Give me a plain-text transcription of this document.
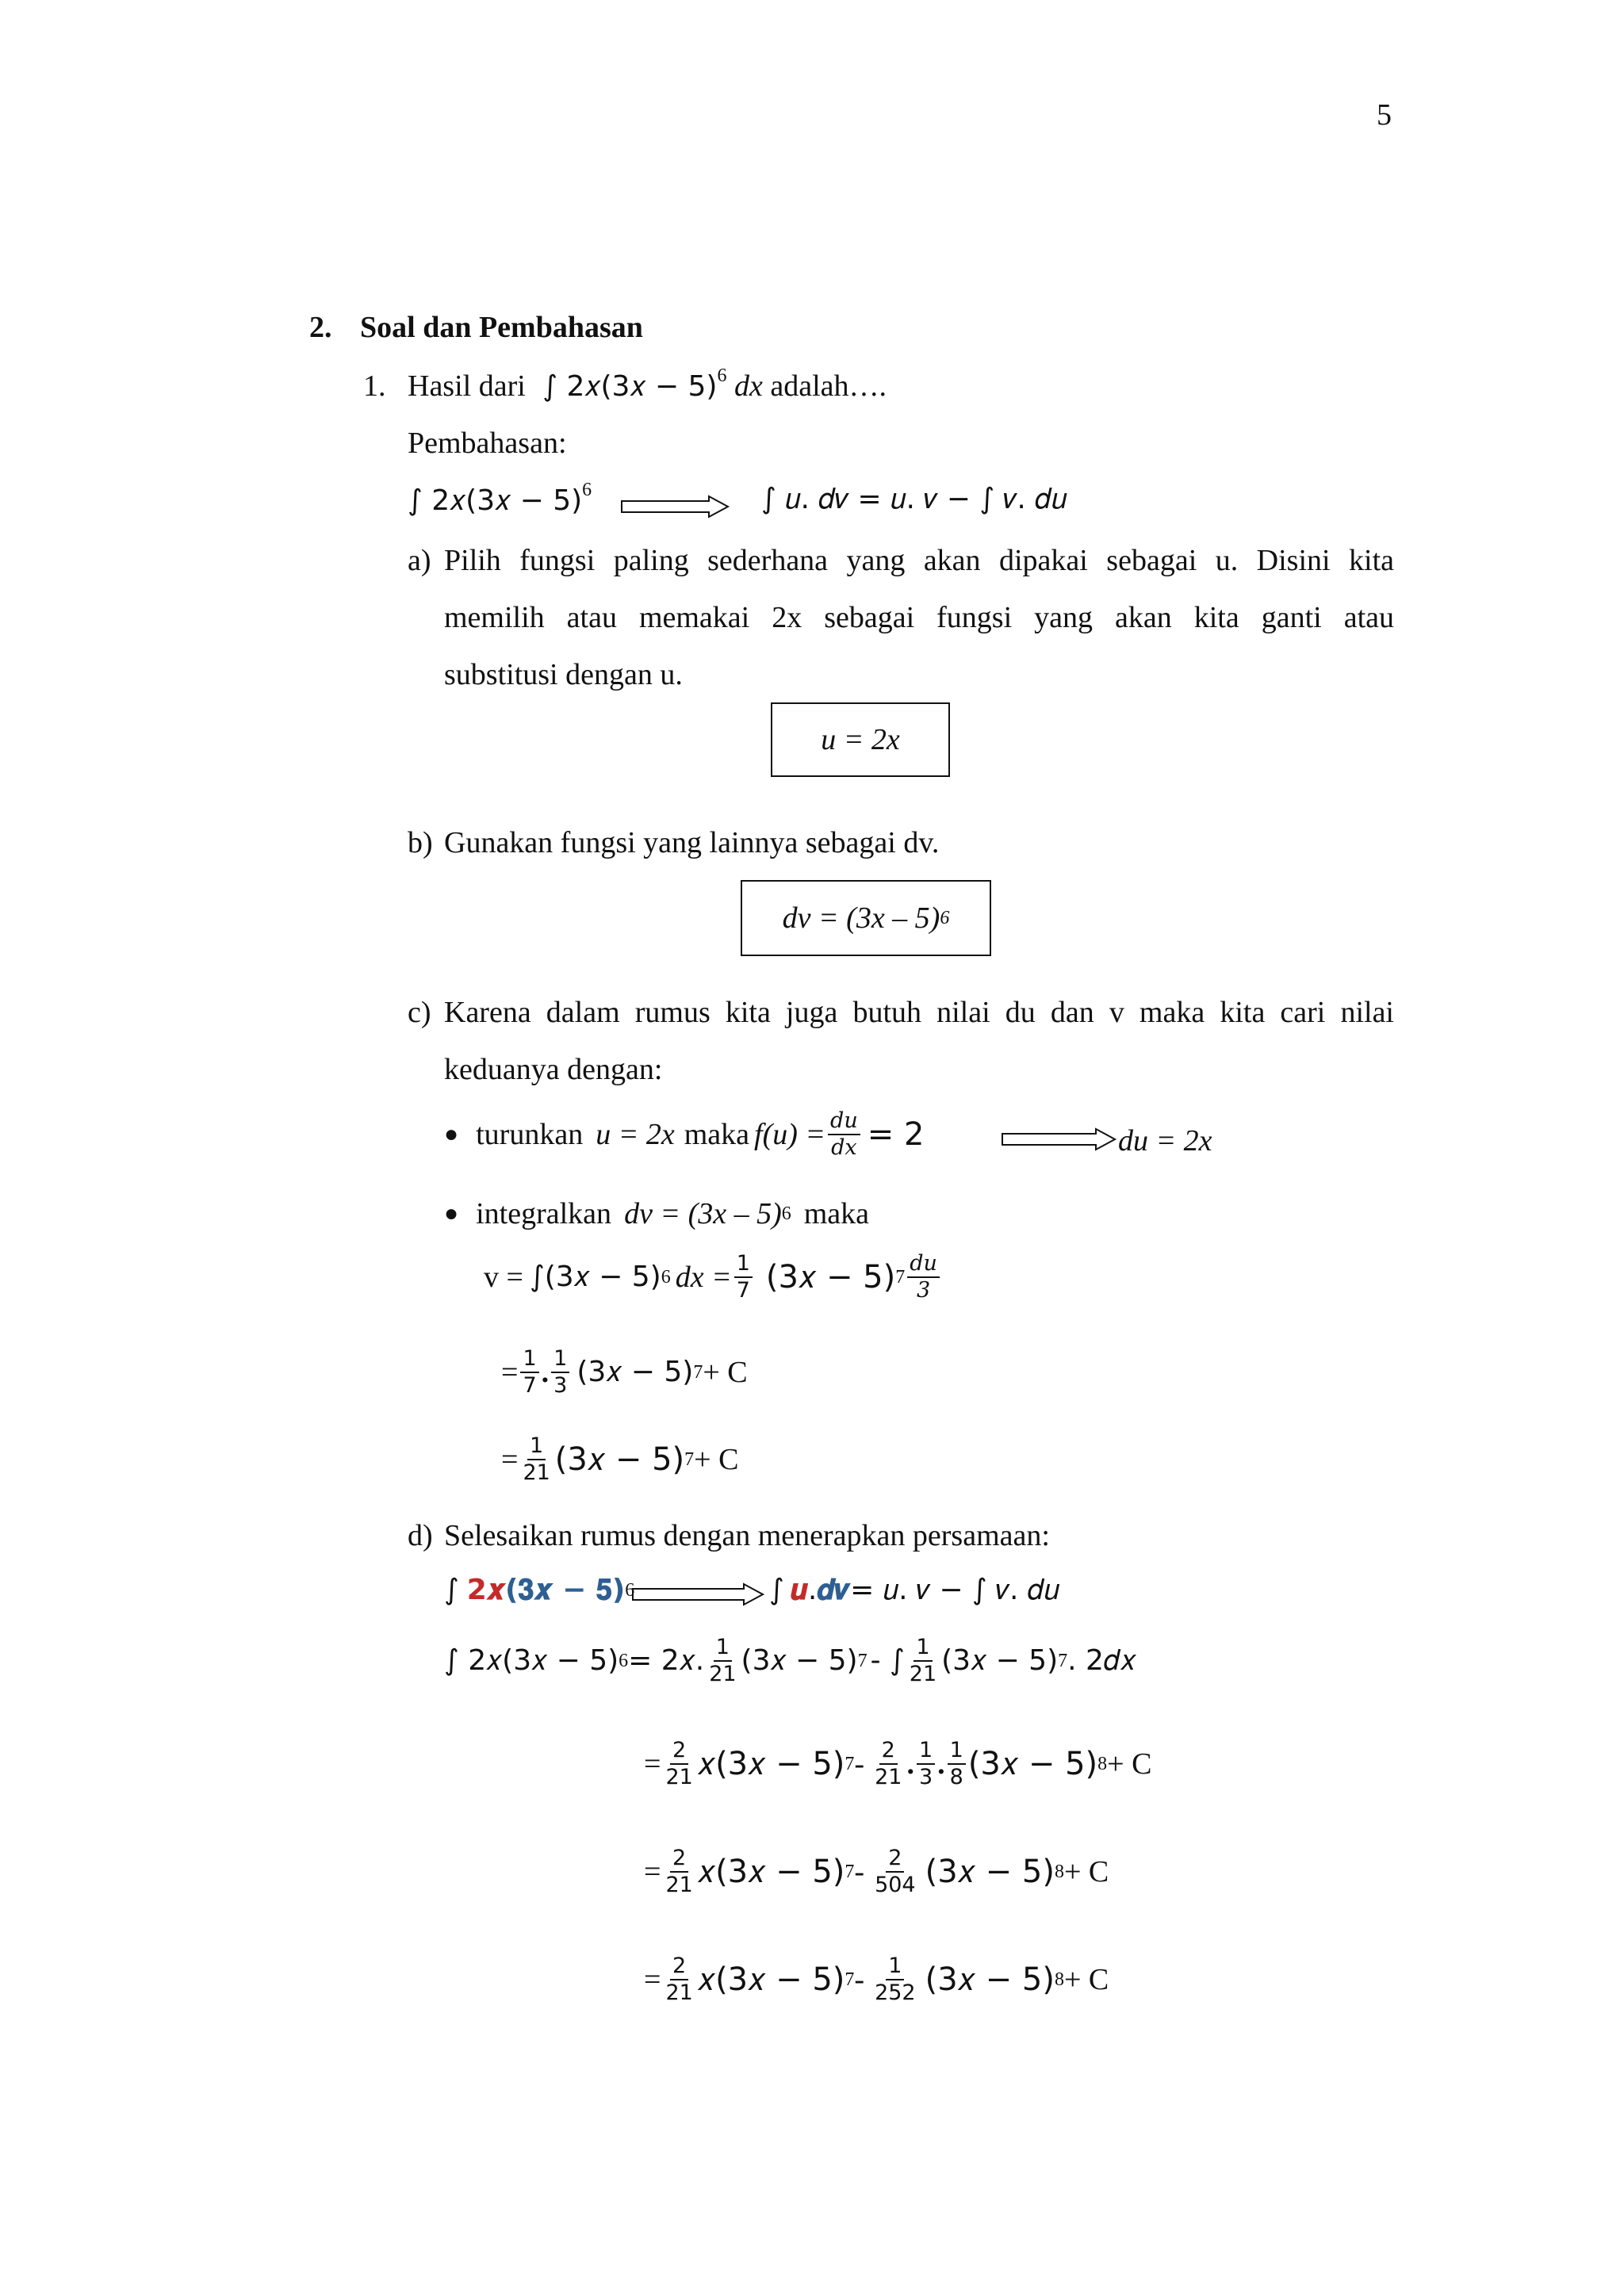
5
2. Soal dan Pembahasan
1. Hasil dari ∫ 2𝑥(3𝑥 − 5)$^6$ dx adalah….
Pembahasan:
∫ 2𝑥(3𝑥 − 5)$^6$	∫ 𝑢. 𝑑𝑣 = 𝑢. 𝑣 − ∫ 𝑣. 𝑑𝑢
a) Pilih fungsi paling sederhana yang akan dipakai sebagai u. Disini kita
memilih atau memakai 2x sebagai fungsi yang akan kita ganti atau
substitusi dengan u.
u = 2x
b) Gunakan fungsi yang lainnya sebagai dv.
dv = (3x – 5) 6
c) Karena dalam rumus kita juga butuh nilai du dan v maka kita cari nilai
keduanya dengan:
● turunkan u = 2x maka $f(u) = \frac{\text{𝑑𝑢}}{\text{𝑑𝑥}} = 2$	du = 2x
● integralkan dv = (3x – 5) 6 maka
v = ∫(3𝑥 − 5) 6 dx = $\frac{1}{7}$ (3𝑥 − 5) $7 \frac{\text{𝑑𝑢}}{3}$
= $\frac{1}{7}$ . $\frac{1}{3}$ (3𝑥 − 5) 7 + C
= $\frac{1}{21}$ (3𝑥 − 5) 7 + C
d) Selesaikan rumus dengan menerapkan persamaan:
∫ 2𝒙 (𝟑𝒙 − 𝟓) 6	∫ 𝒖 . 𝒅𝒗 = 𝑢. 𝑣 − ∫ 𝑣. 𝑑𝑢
∫ 2𝑥(3𝑥 − 5) 6 = 2𝑥. $\frac{1}{21}$ (3𝑥 − 5) 7 - ∫ $\frac{1}{21}$ (3𝑥 − 5) 7 . 2𝑑𝑥
= $\frac{2}{21}$ 𝑥(3𝑥 − 5) $7 - \frac{2}{21}$ . $\frac{1}{3}$ . $\frac{1}{8}$ (3𝑥 − 5) 8 + C
= $\frac{2}{21}$ 𝑥(3𝑥 − 5) $7 - \frac{2}{504}$ (3𝑥 − 5) 8 + C
= $\frac{2}{21}$ 𝑥(3𝑥 − 5) $7 - \frac{1}{252}$ (3𝑥 − 5) 8 + C
